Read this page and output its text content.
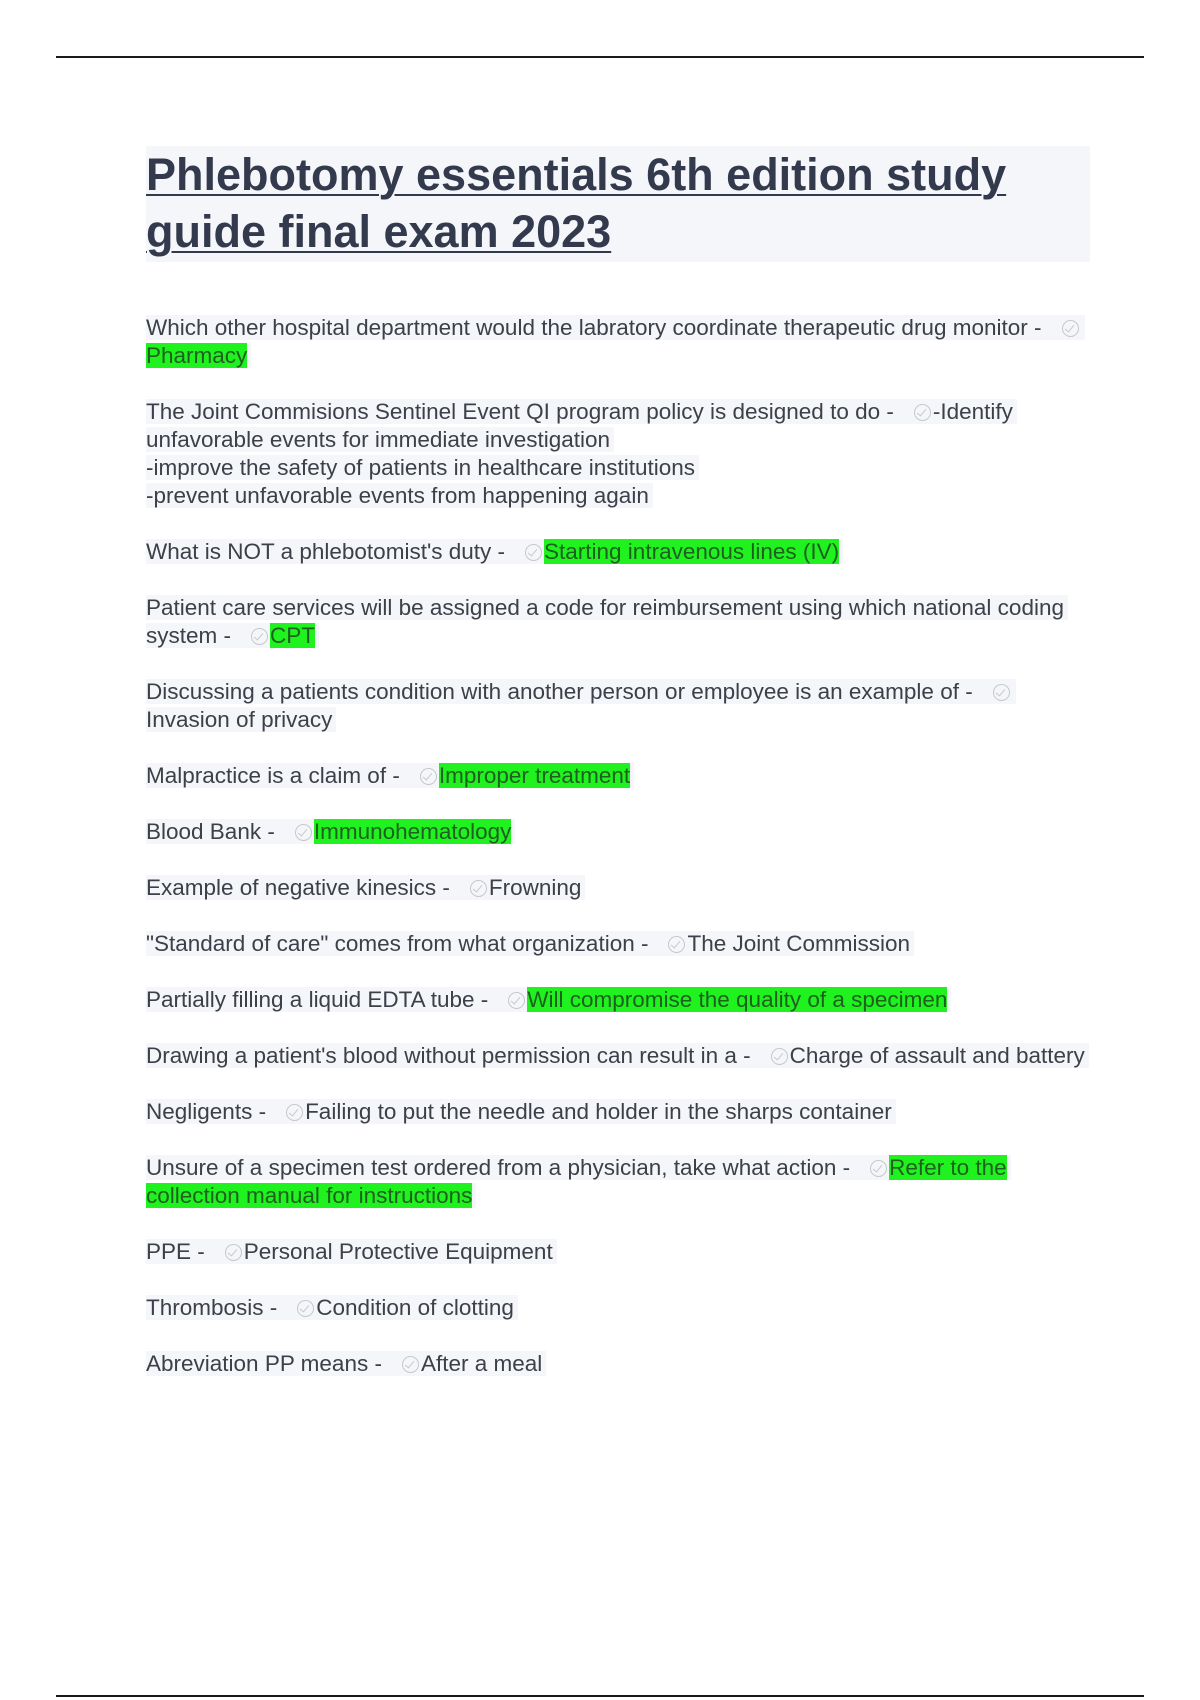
Phlebotomy essentials 6th edition study guide final exam 2023

Which other hospital department would the labratory coordinate therapeutic drug monitor -Pharmacy

The Joint Commisions Sentinel Event QI program policy is designed to do - -Identify unfavorable events for immediate investigation
-improve the safety of patients in healthcare institutions
-prevent unfavorable events from happening again

What is NOT a phlebotomist's duty - Starting intravenous lines (IV)

Patient care services will be assigned a code for reimbursement using which national coding system - CPT

Discussing a patients condition with another person or employee is an example of -Invasion of privacy

Malpractice is a claim of - Improper treatment

Blood Bank - Immunohematology

Example of negative kinesics - Frowning

"Standard of care" comes from what organization - The Joint Commission

Partially filling a liquid EDTA tube - Will compromise the quality of a specimen

Drawing a patient's blood without permission can result in a - Charge of assault and battery

Negligents - Failing to put the needle and holder in the sharps container

Unsure of a specimen test ordered from a physician, take what action - Refer to the collection manual for instructions

PPE - Personal Protective Equipment

Thrombosis - Condition of clotting

Abreviation PP means - After a meal
